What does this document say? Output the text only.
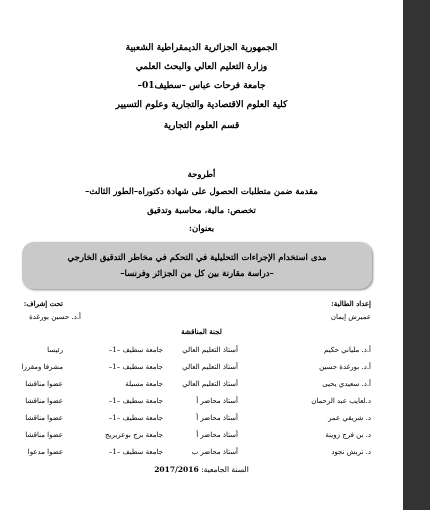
الجمهورية الجزائرية الديمقراطية الشعبية
وزارة التعليم العالي والبحث العلمي
جامعة فرحات عباس –سطيف01–
كلية العلوم الاقتصادية والتجارية وعلوم التسيير
قسم العلوم التجارية
أطروحة
مقدمة ضمن متطلبات الحصول على شهادة دكتوراه–الطور الثالث–
تخصص: مالية، محاسبة وتدقيق
بعنوان:
مدى استخدام الإجراءات التحليلية في التحكم في مخاطر التدقيق الخارجي
–دراسة مقارنة بين كل من الجزائر وفرنسا–
إعداد الطالبة:
عميرش إيمان
تحت إشراف:
أ.د. حسين بورغدة
لجنة المناقشة
أ.د. ملياني حكيم
أستاذ التعليم العالي
جامعة سطيف –1–
رئيسا
أ.د. بورغدة حسين
أستاذ التعليم العالي
جامعة سطيف –1–
مشرفا ومقررا
أ.د. سعيدي يحيى
أستاذ التعليم العالي
جامعة مسيلة
عضوا مناقشا
د.لعايب عبد الرحمان
أستاذ محاضر أ
جامعة سطيف –1–
عضوا مناقشا
د. شريقي عمر
أستاذ محاضر أ
جامعة سطيف –1–
عضوا مناقشا
د. بن فرج زوينة
أستاذ محاضر أ
جامعة برج بوعريريج
عضوا مناقشا
د. تريش نجود
أستاذ محاضر ب
جامعة سطيف –1–
عضوا مدعوا
السنة الجامعية: 2017/2016
